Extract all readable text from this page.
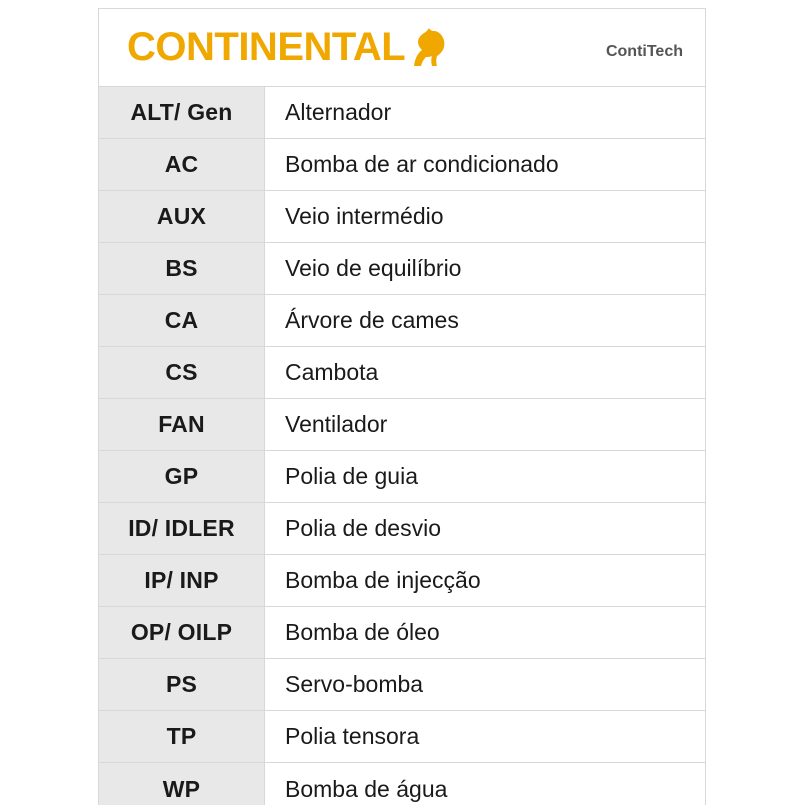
CONTINENTAL	ContiTech
ALT/ Gen	Alternador
AC	Bomba de ar condicionado
AUX	Veio intermédio
BS	Veio de equilíbrio
CA	Árvore de cames
CS	Cambota
FAN	Ventilador
GP	Polia de guia
ID/ IDLER	Polia de desvio
IP/ INP	Bomba de injecção
OP/ OILP	Bomba de óleo
PS	Servo-bomba
TP	Polia tensora
WP	Bomba de água
